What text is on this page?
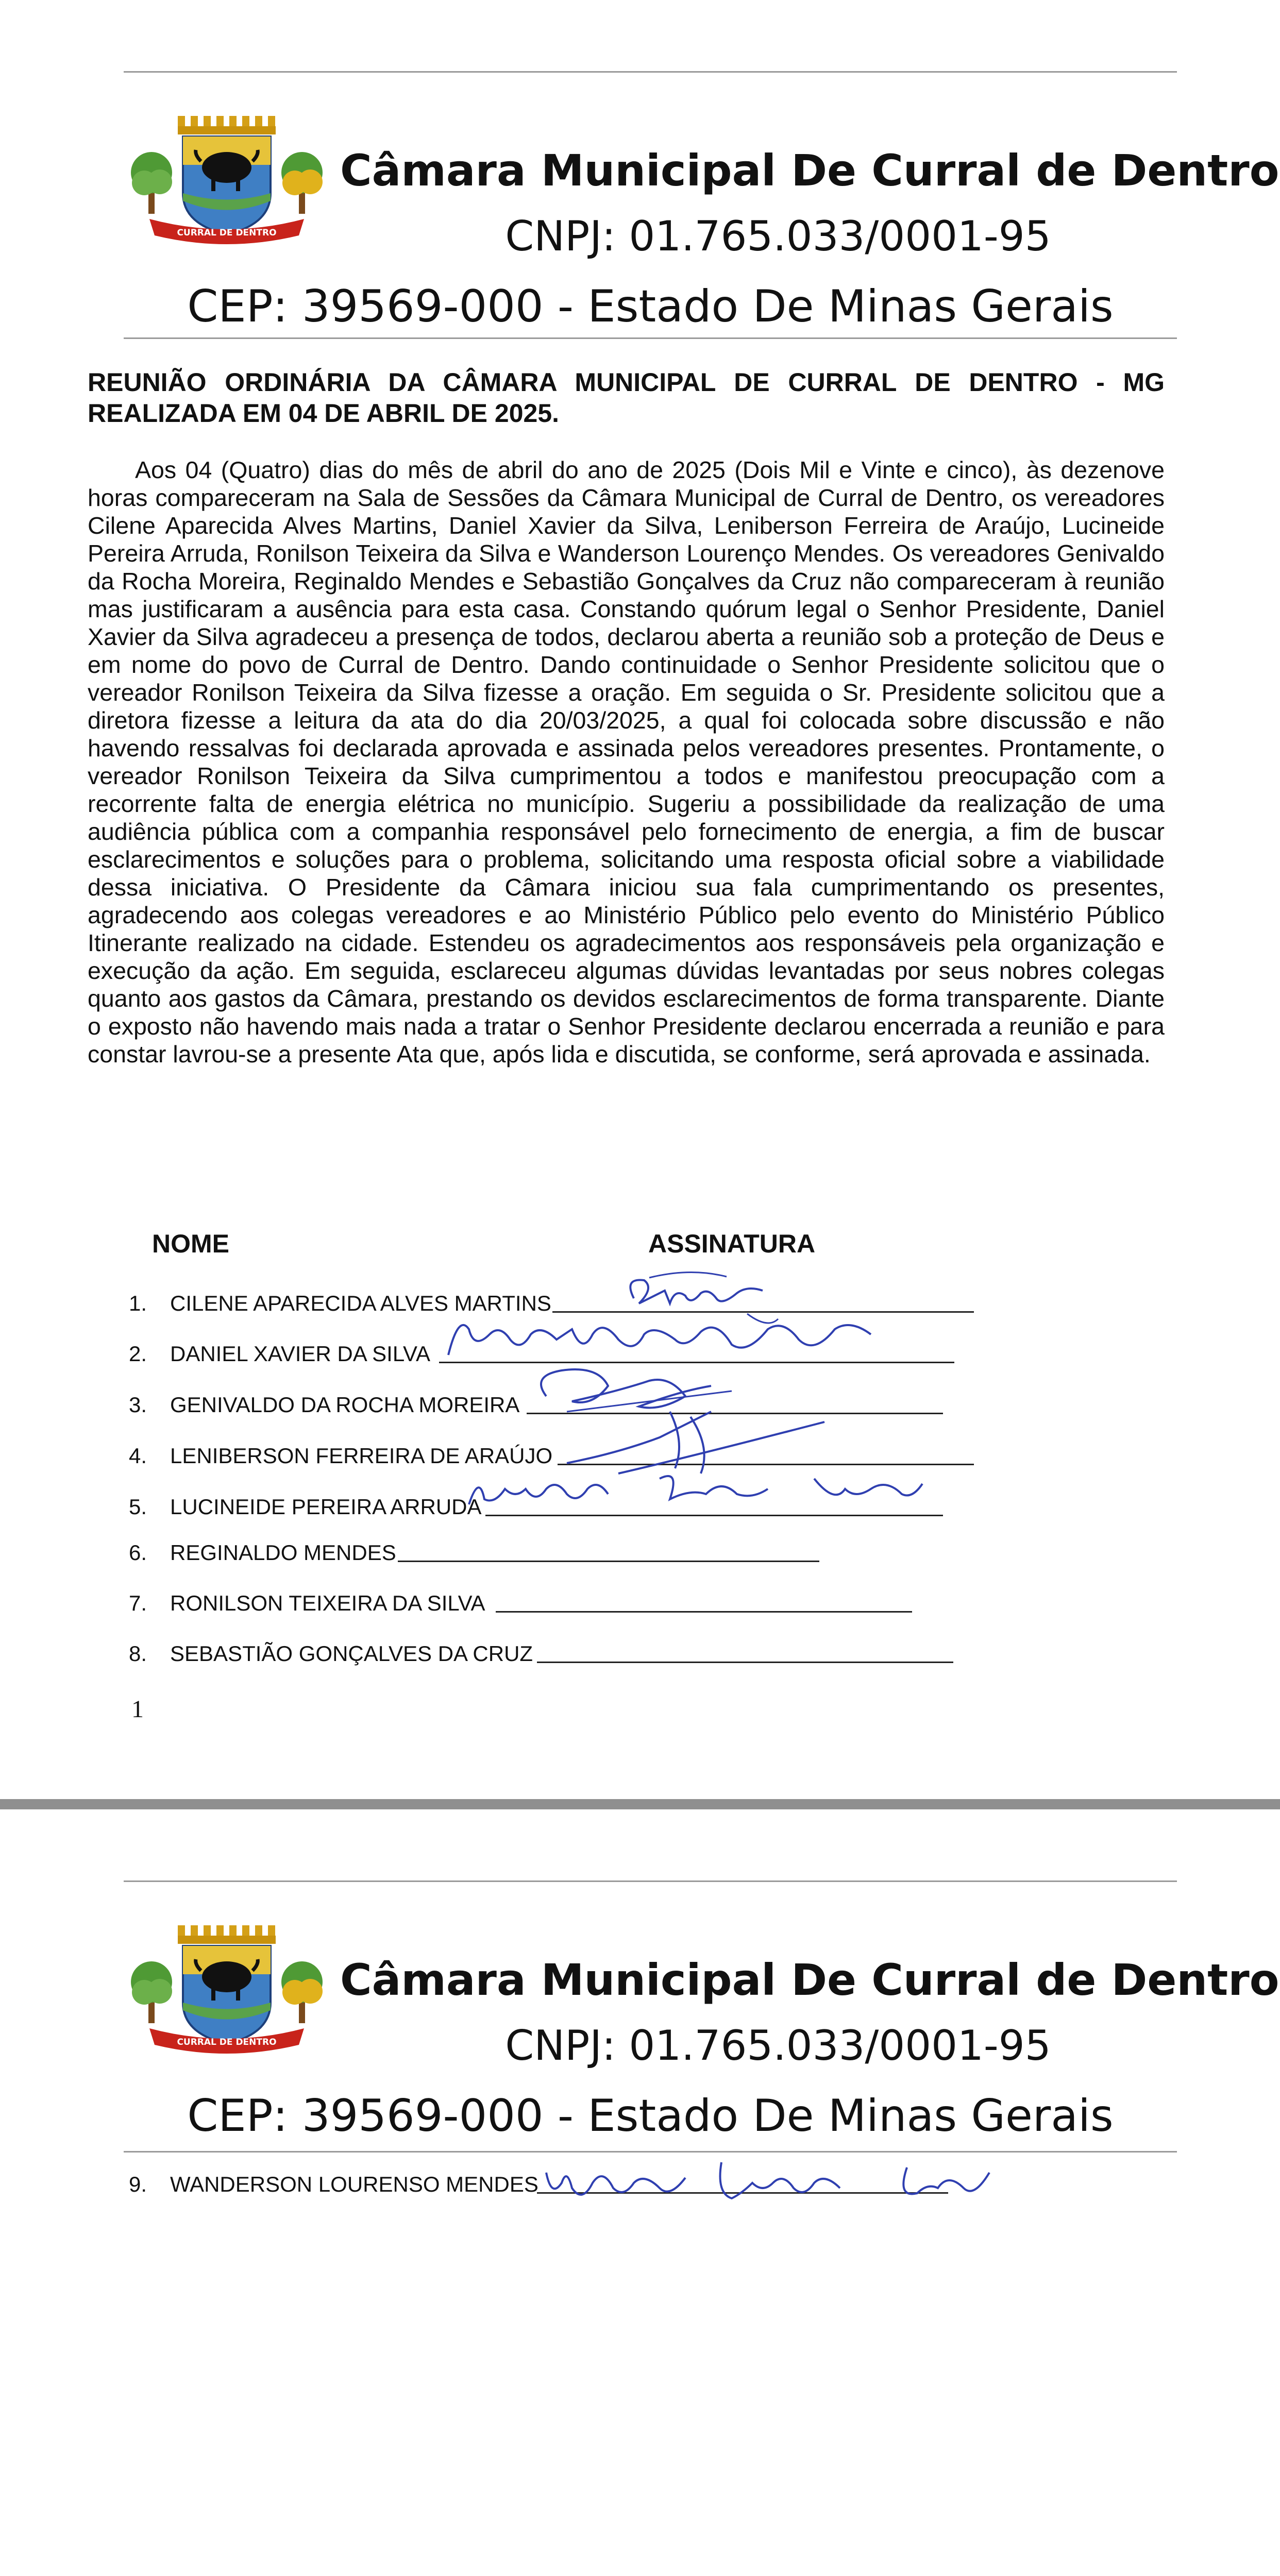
CURRAL DE DENTRO
Câmara Municipal De Curral de Dentro
CNPJ: 01.765.033/0001-95
CEP: 39569-000 - Estado De Minas Gerais
REUNIÃO ORDINÁRIA DA CÂMARA MUNICIPAL DE CURRAL DE DENTRO - MG REALIZADA EM 04 DE ABRIL DE 2025.
Aos 04 (Quatro) dias do mês de abril do ano de 2025 (Dois Mil e Vinte e cinco), às dezenove horas compareceram na Sala de Sessões da Câmara Municipal de Curral de Dentro, os vereadores Cilene Aparecida Alves Martins, Daniel Xavier da Silva, Leniberson Ferreira de Araújo, Lucineide Pereira Arruda, Ronilson Teixeira da Silva e Wanderson Lourenço Mendes. Os vereadores Genivaldo da Rocha Moreira, Reginaldo Mendes e Sebastião Gonçalves da Cruz não compareceram à reunião mas justificaram a ausência para esta casa. Constando quórum legal o Senhor Presidente, Daniel Xavier da Silva agradeceu a presença de todos, declarou aberta a reunião sob a proteção de Deus e em nome do povo de Curral de Dentro. Dando continuidade o Senhor Presidente solicitou que o vereador Ronilson Teixeira da Silva fizesse a oração. Em seguida o Sr. Presidente solicitou que a diretora fizesse a leitura da ata do dia 20/03/2025, a qual foi colocada sobre discussão e não havendo ressalvas foi declarada aprovada e assinada pelos vereadores presentes. Prontamente, o vereador Ronilson Teixeira da Silva cumprimentou a todos e manifestou preocupação com a recorrente falta de energia elétrica no município. Sugeriu a possibilidade da realização de uma audiência pública com a companhia responsável pelo fornecimento de energia, a fim de buscar esclarecimentos e soluções para o problema, solicitando uma resposta oficial sobre a viabilidade dessa iniciativa. O Presidente da Câmara iniciou sua fala cumprimentando os presentes, agradecendo aos colegas vereadores e ao Ministério Público pelo evento do Ministério Público Itinerante realizado na cidade. Estendeu os agradecimentos aos responsáveis pela organização e execução da ação. Em seguida, esclareceu algumas dúvidas levantadas por seus nobres colegas quanto aos gastos da Câmara, prestando os devidos esclarecimentos de forma transparente. Diante o exposto não havendo mais nada a tratar o Senhor Presidente declarou encerrada a reunião e para constar lavrou-se a presente Ata que, após lida e discutida, se conforme, será aprovada e assinada.
NOME	ASSINATURA
1. CILENE APARECIDA ALVES MARTINS
2. DANIEL XAVIER DA SILVA
3. GENIVALDO DA ROCHA MOREIRA
4. LENIBERSON FERREIRA DE ARAÚJO
5. LUCINEIDE PEREIRA ARRUDA
6. REGINALDO MENDES
7. RONILSON TEIXEIRA DA SILVA
8. SEBASTIÃO GONÇALVES DA CRUZ
1
CURRAL DE DENTRO
Câmara Municipal De Curral de Dentro
CNPJ: 01.765.033/0001-95
CEP: 39569-000 - Estado De Minas Gerais
9. WANDERSON LOURENSO MENDES
